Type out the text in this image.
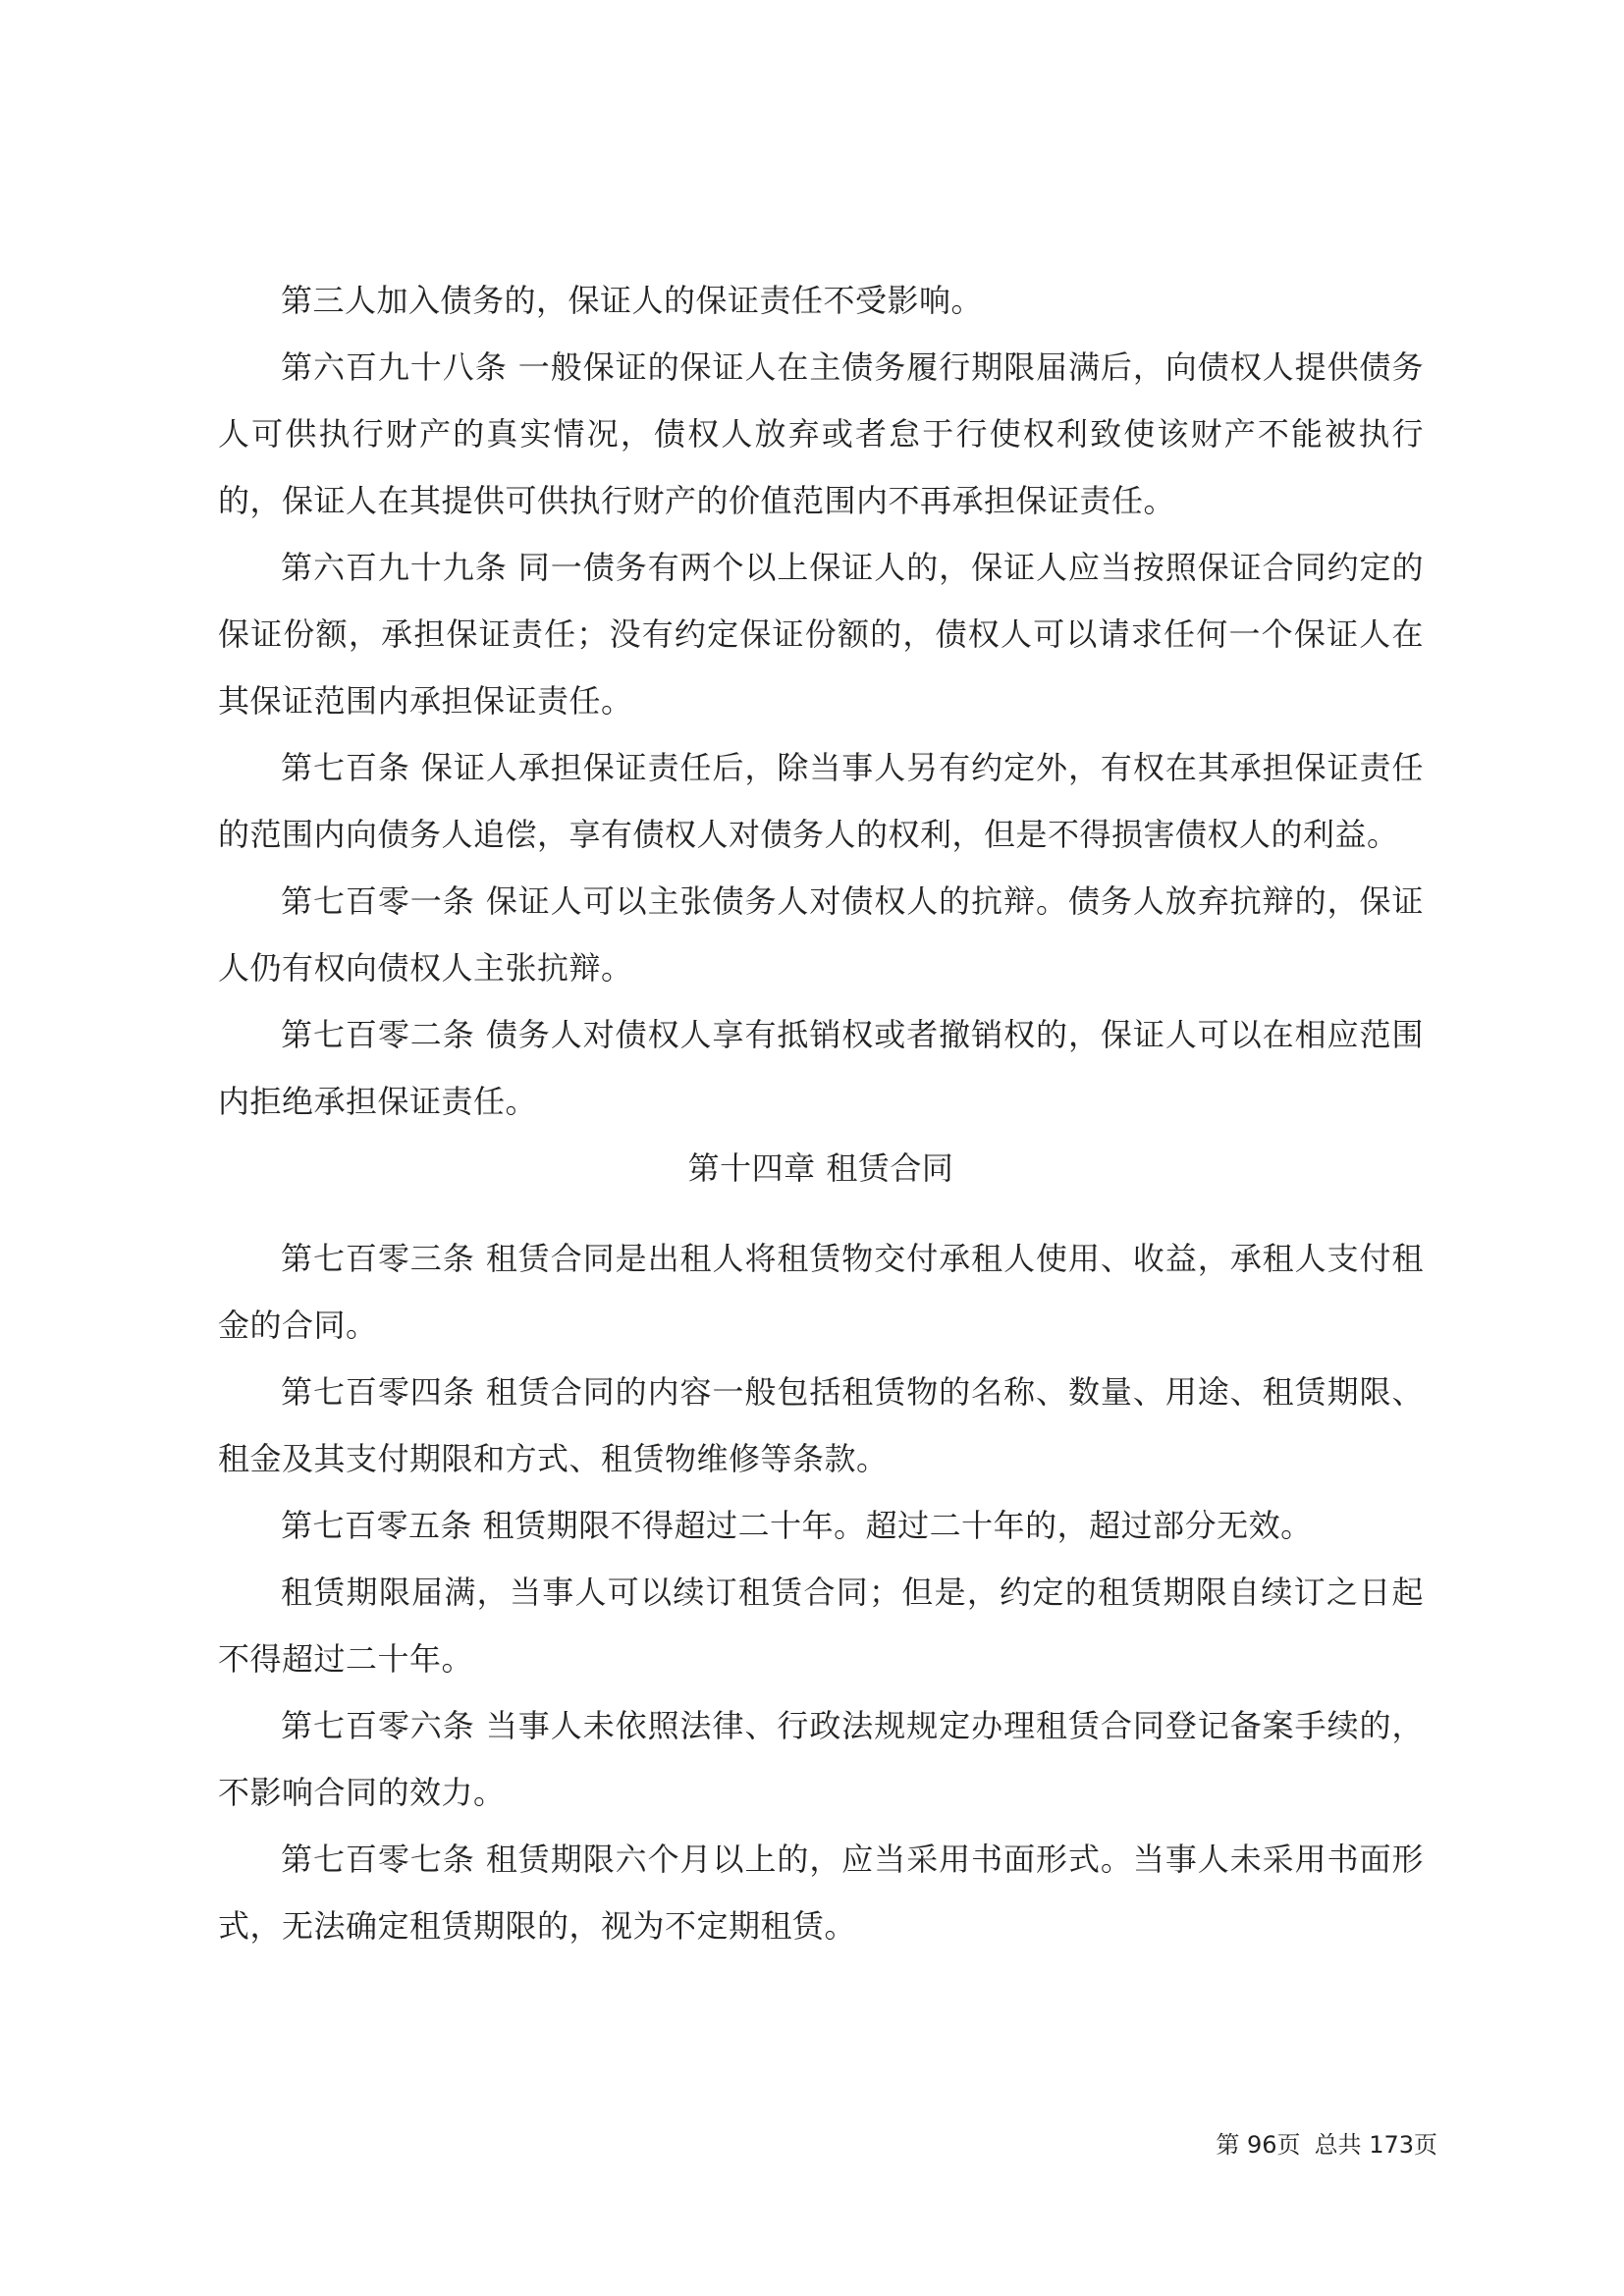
第三人加入债务的，保证人的保证责任不受影响。

第六百九十八条 一般保证的保证人在主债务履行期限届满后，向债权人提供债务人可供执行财产的真实情况，债权人放弃或者怠于行使权利致使该财产不能被执行的，保证人在其提供可供执行财产的价值范围内不再承担保证责任。

第六百九十九条 同一债务有两个以上保证人的，保证人应当按照保证合同约定的保证份额，承担保证责任；没有约定保证份额的，债权人可以请求任何一个保证人在其保证范围内承担保证责任。

第七百条 保证人承担保证责任后，除当事人另有约定外，有权在其承担保证责任的范围内向债务人追偿，享有债权人对债务人的权利，但是不得损害债权人的利益。

第七百零一条 保证人可以主张债务人对债权人的抗辩。债务人放弃抗辩的，保证人仍有权向债权人主张抗辩。

第七百零二条 债务人对债权人享有抵销权或者撤销权的，保证人可以在相应范围内拒绝承担保证责任。

第十四章 租赁合同

第七百零三条 租赁合同是出租人将租赁物交付承租人使用、收益，承租人支付租金的合同。

第七百零四条 租赁合同的内容一般包括租赁物的名称、数量、用途、租赁期限、租金及其支付期限和方式、租赁物维修等条款。

第七百零五条 租赁期限不得超过二十年。超过二十年的，超过部分无效。

租赁期限届满，当事人可以续订租赁合同；但是，约定的租赁期限自续订之日起不得超过二十年。

第七百零六条 当事人未依照法律、行政法规规定办理租赁合同登记备案手续的，不影响合同的效力。

第七百零七条 租赁期限六个月以上的，应当采用书面形式。当事人未采用书面形式，无法确定租赁期限的，视为不定期租赁。

第 96页 总共 173页
